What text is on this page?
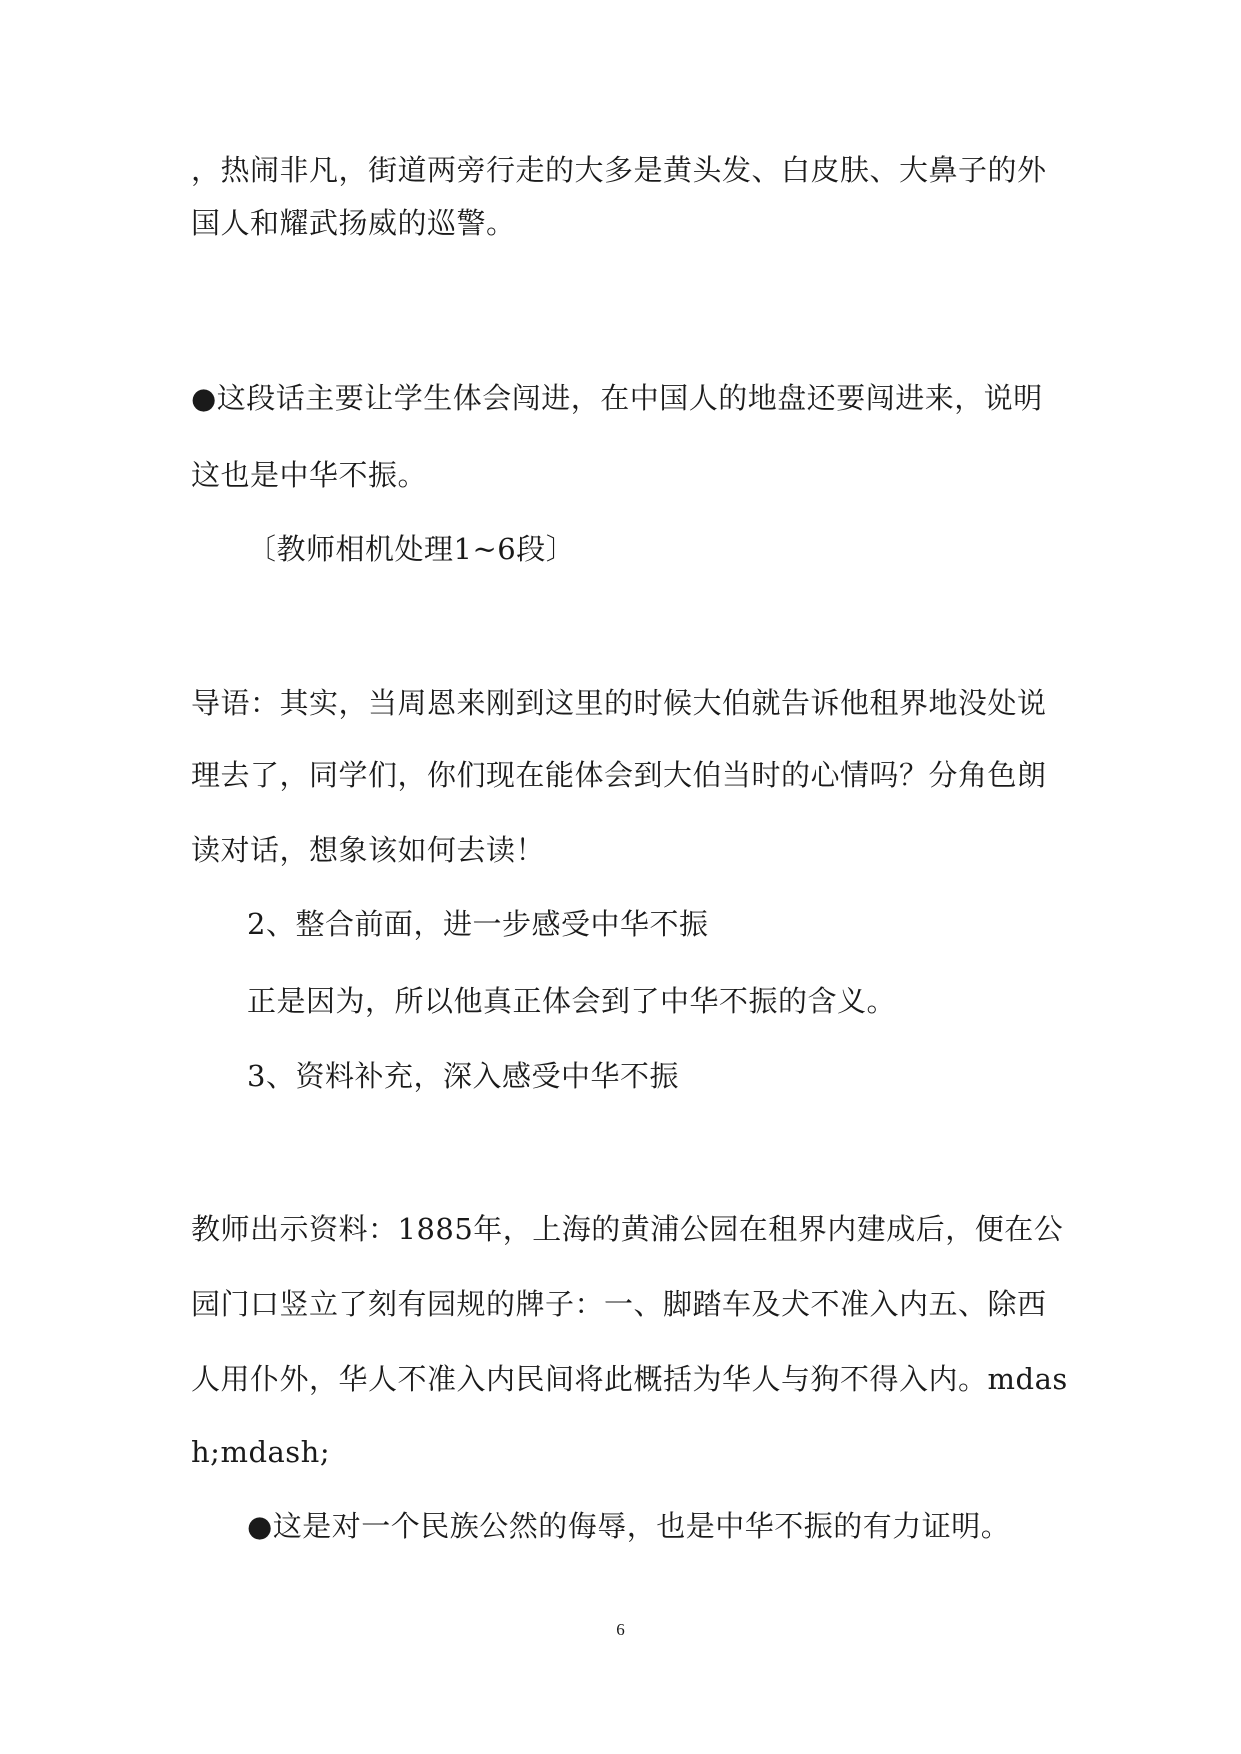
，热闹非凡，街道两旁行走的大多是黄头发、白皮肤、大鼻子的外
国人和耀武扬威的巡警。
●这段话主要让学生体会闯进，在中国人的地盘还要闯进来，说明
这也是中华不振。
〔教师相机处理1~6段〕
导语：其实，当周恩来刚到这里的时候大伯就告诉他租界地没处说
理去了，同学们，你们现在能体会到大伯当时的心情吗？分角色朗
读对话，想象该如何去读！
2、整合前面，进一步感受中华不振
正是因为，所以他真正体会到了中华不振的含义。
3、资料补充，深入感受中华不振
教师出示资料：1885年，上海的黄浦公园在租界内建成后，便在公
园门口竖立了刻有园规的牌子：一、脚踏车及犬不准入内五、除西
人用仆外，华人不准入内民间将此概括为华人与狗不得入内。mdas
h;mdash;
●这是对一个民族公然的侮辱，也是中华不振的有力证明。
6
